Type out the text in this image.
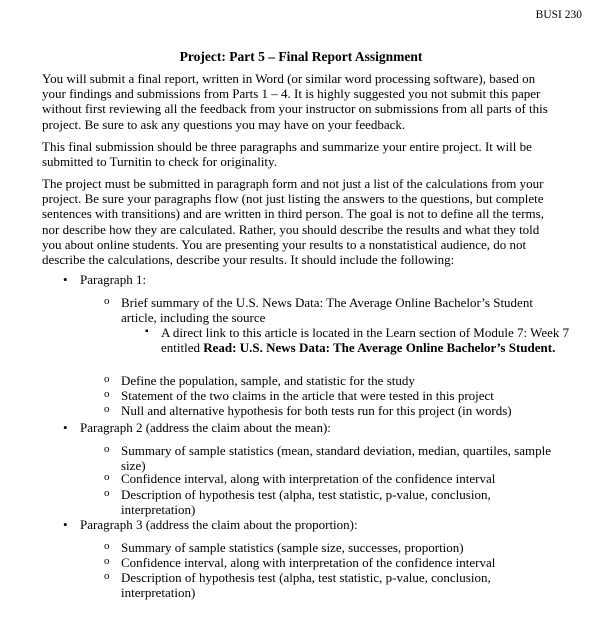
BUSI 230
Project: Part 5 – Final Report Assignment
You will submit a final report, written in Word (or similar word processing software), based on your findings and submissions from Parts 1 – 4. It is highly suggested you not submit this paper without first reviewing all the feedback from your instructor on submissions from all parts of this project. Be sure to ask any questions you may have on your feedback.
This final submission should be three paragraphs and summarize your entire project. It will be submitted to Turnitin to check for originality.
The project must be submitted in paragraph form and not just a list of the calculations from your project. Be sure your paragraphs flow (not just listing the answers to the questions, but complete sentences with transitions) and are written in third person. The goal is not to define all the terms, nor describe how they are calculated. Rather, you should describe the results and what they told you about online students. You are presenting your results to a nonstatistical audience, do not describe the calculations, describe your results. It should include the following:
• Paragraph 1:
o Brief summary of the U.S. News Data: The Average Online Bachelor’s Student article, including the source
▪ A direct link to this article is located in the Learn section of Module 7: Week 7 entitled Read: U.S. News Data: The Average Online Bachelor’s Student.
o Define the population, sample, and statistic for the study
o Statement of the two claims in the article that were tested in this project
o Null and alternative hypothesis for both tests run for this project (in words)
• Paragraph 2 (address the claim about the mean):
o Summary of sample statistics (mean, standard deviation, median, quartiles, sample size)
o Confidence interval, along with interpretation of the confidence interval
o Description of hypothesis test (alpha, test statistic, p-value, conclusion, interpretation)
• Paragraph 3 (address the claim about the proportion):
o Summary of sample statistics (sample size, successes, proportion)
o Confidence interval, along with interpretation of the confidence interval
o Description of hypothesis test (alpha, test statistic, p-value, conclusion, interpretation)
